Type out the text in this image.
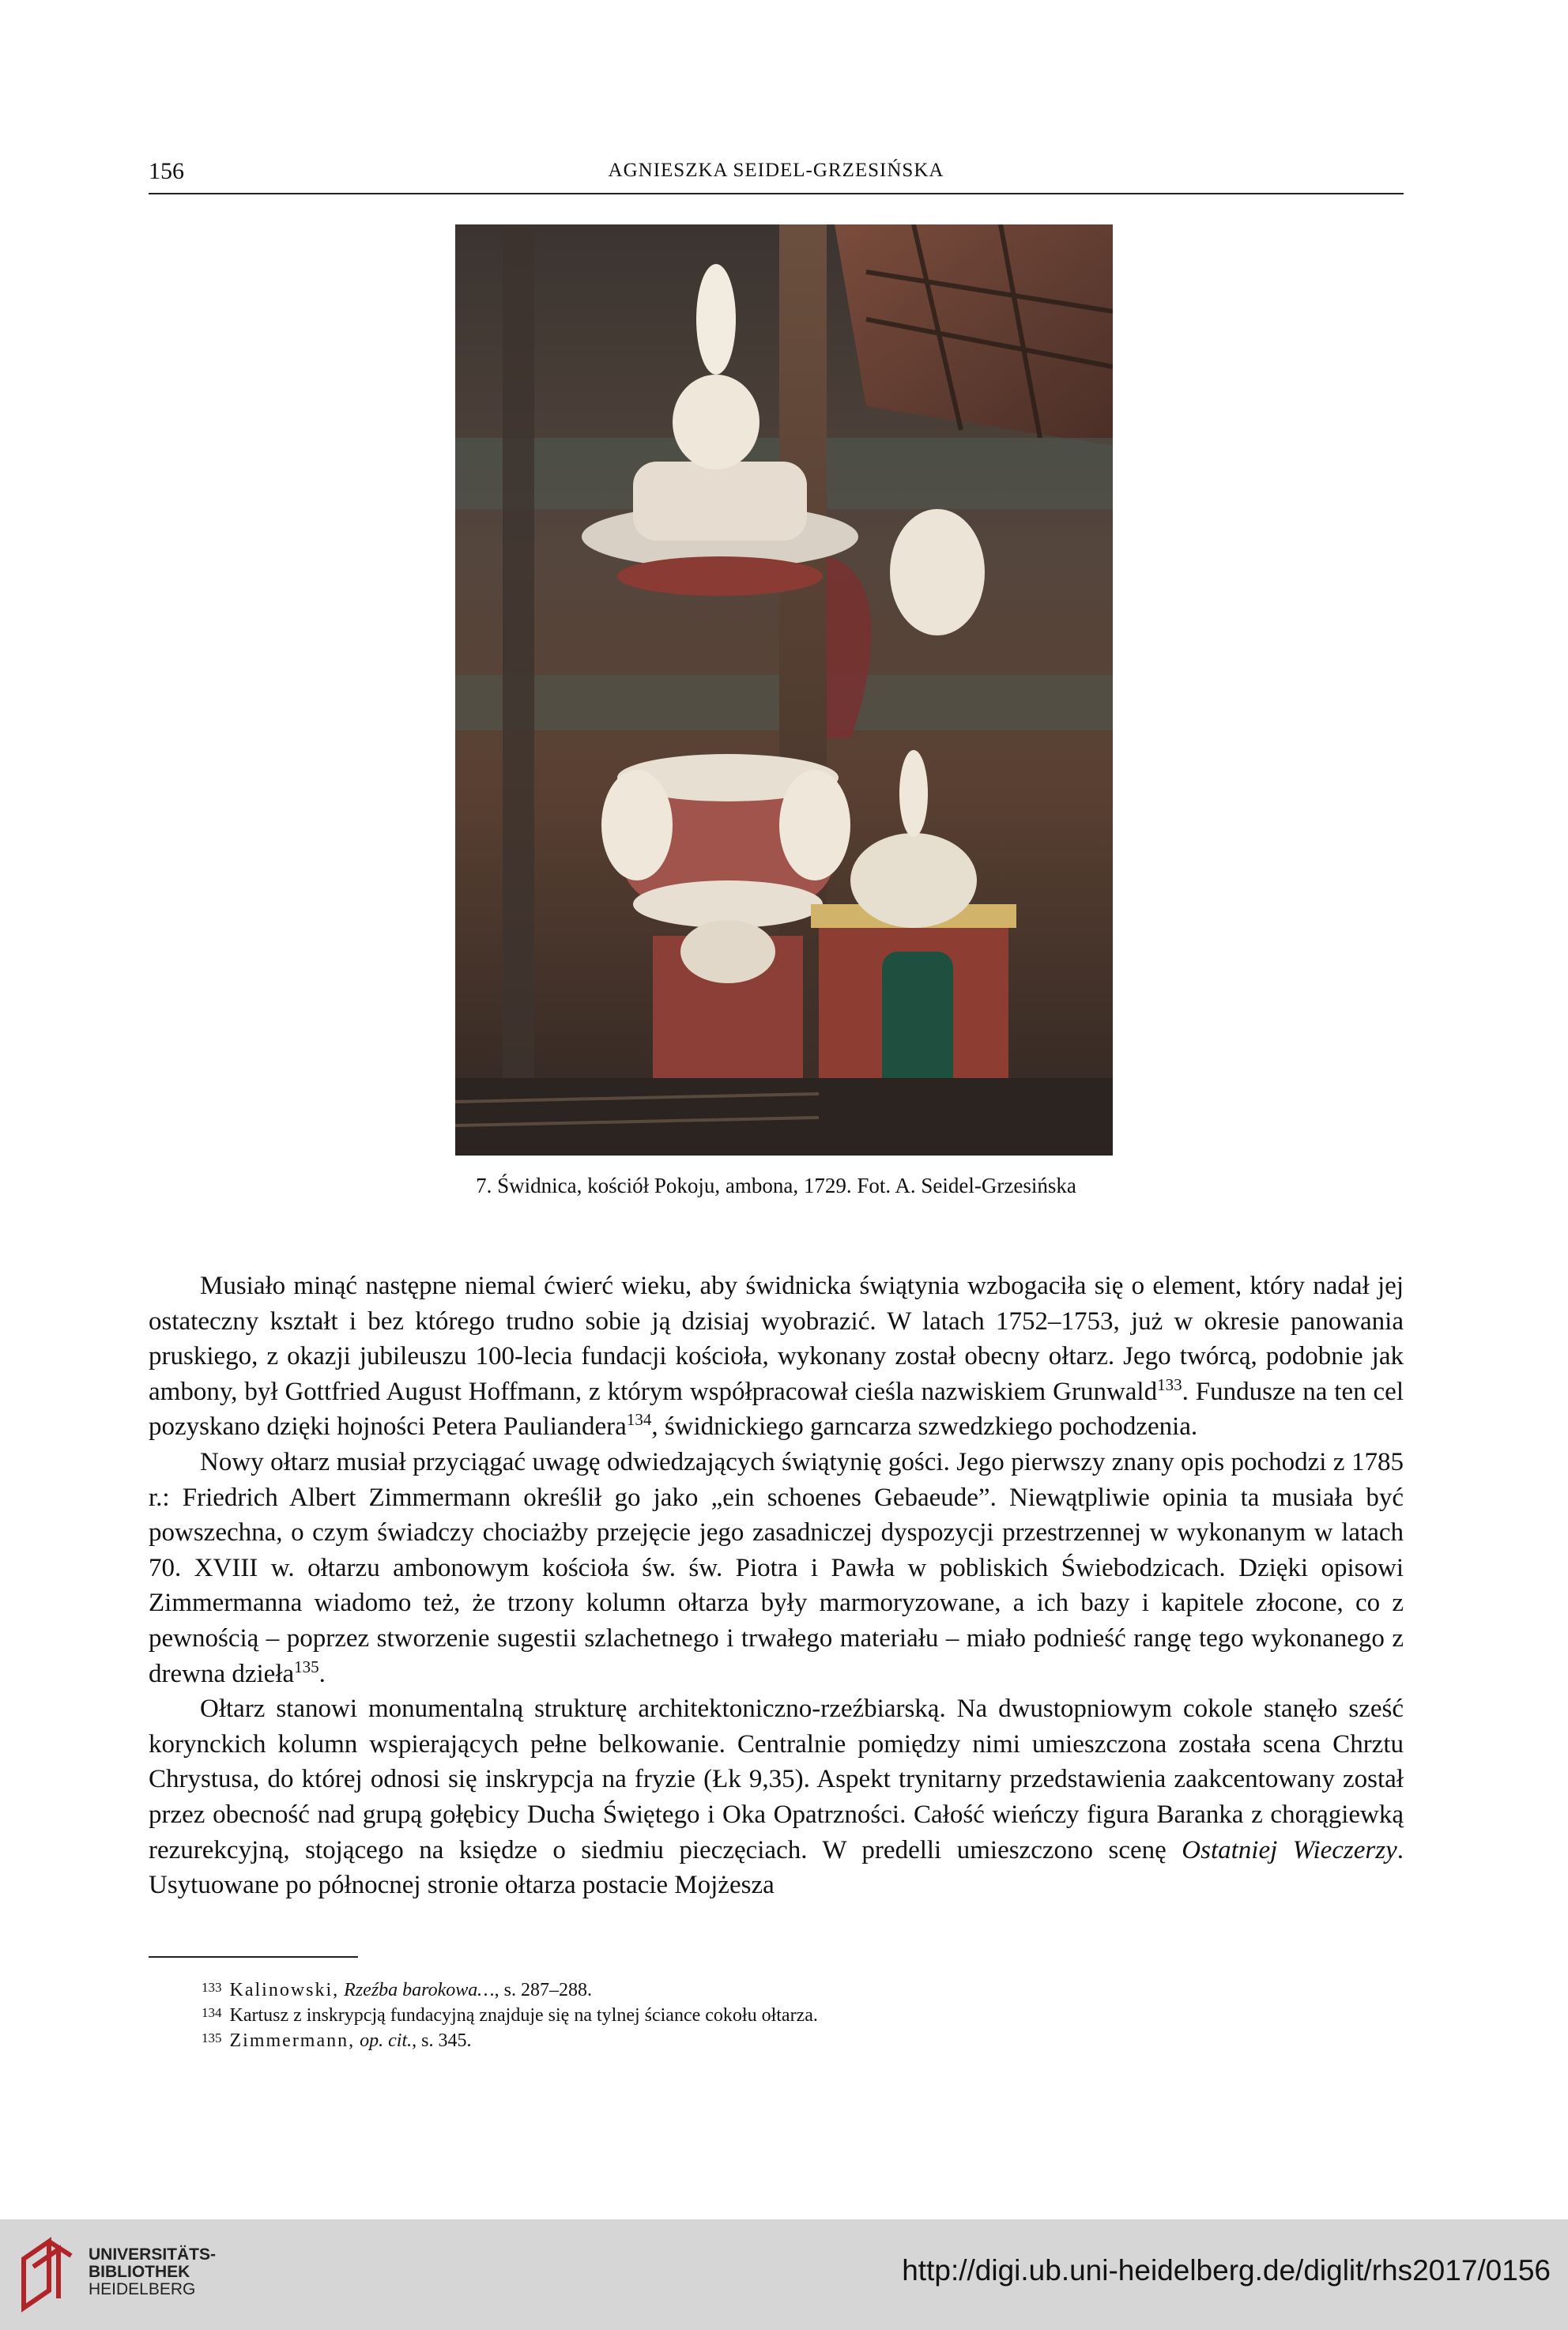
156	AGNIESZKA SEIDEL-GRZESIŃSKA
7. Świdnica, kościół Pokoju, ambona, 1729. Fot. A. Seidel-Grzesińska

Musiało minąć następne niemal ćwierć wieku, aby świdnicka świątynia wzbogaciła się o element, który nadał jej ostateczny kształt i bez którego trudno sobie ją dzisiaj wyobrazić. W latach 1752–1753, już w okresie panowania pruskiego, z okazji jubileuszu 100-lecia fundacji kościoła, wykonany został obecny ołtarz. Jego twórcą, podobnie jak ambony, był Gottfried August Hoffmann, z którym współpracował cieśla nazwiskiem Grunwald$^{133}$. Fundusze na ten cel pozyskano dzięki hojności Petera Pauliandera$^{134}$, świdnickiego garncarza szwedzkiego pochodzenia.

Nowy ołtarz musiał przyciągać uwagę odwiedzających świątynię gości. Jego pierwszy znany opis pochodzi z 1785 r.: Friedrich Albert Zimmermann określił go jako „ein schoenes Gebaeude”. Niewątpliwie opinia ta musiała być powszechna, o czym świadczy chociażby przejęcie jego zasadniczej dyspozycji przestrzennej w wykonanym w latach 70. XVIII w. ołtarzu ambonowym kościoła św. św. Piotra i Pawła w pobliskich Świebodzicach. Dzięki opisowi Zimmermanna wiadomo też, że trzony kolumn ołtarza były marmoryzowane, a ich bazy i kapitele złocone, co z pewnością – poprzez stworzenie sugestii szlachetnego i trwałego materiału – miało podnieść rangę tego wykonanego z drewna dzieła$^{135}$.

Ołtarz stanowi monumentalną strukturę architektoniczno-rzeźbiarską. Na dwustopniowym cokole stanęło sześć korynckich kolumn wspierających pełne belkowanie. Centralnie pomiędzy nimi umieszczona została scena Chrztu Chrystusa, do której odnosi się inskrypcja na fryzie (Łk 9,35). Aspekt trynitarny przedstawienia zaakcentowany został przez obecność nad grupą gołębicy Ducha Świętego i Oka Opatrzności. Całość wieńczy figura Baranka z chorągiewką rezurekcyjną, stojącego na księdze o siedmiu pieczęciach. W predelli umieszczono scenę Ostatniej Wieczerzy. Usytuowane po północnej stronie ołtarza postacie Mojżesza

$^{133}$ Kalinowski, Rzeźba barokowa…, s. 287–288.

$^{134}$ Kartusz z inskrypcją fundacyjną znajduje się na tylnej ściance cokołu ołtarza.

$^{135}$ Zimmermann, op. cit., s. 345.

UNIVERSITÄTS-
BIBLIOTHEK
HEIDELBERG
http://digi.ub.uni-heidelberg.de/diglit/rhs2017/0156
